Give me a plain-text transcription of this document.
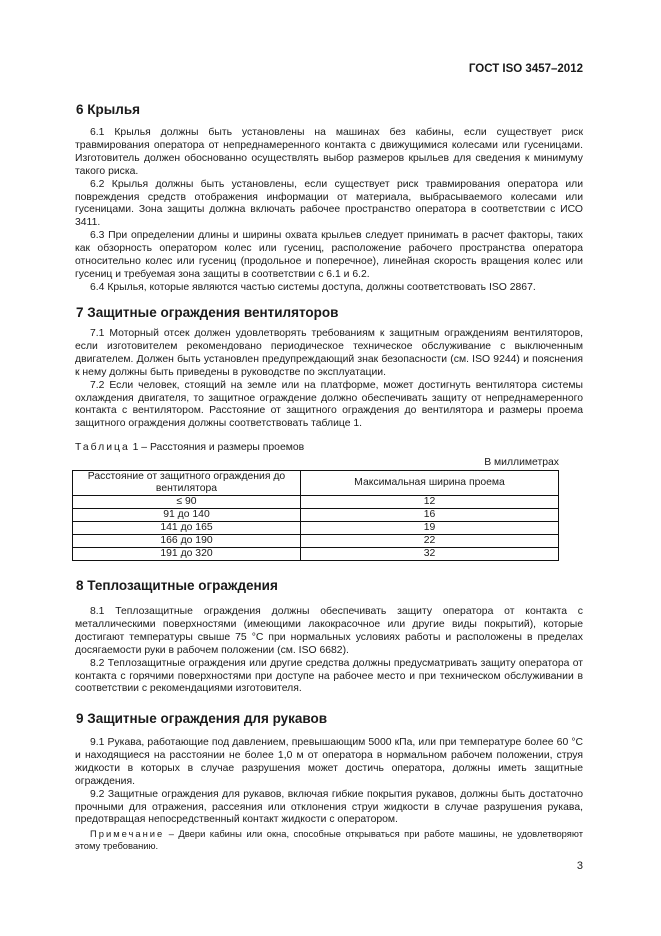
ГОСТ ISO 3457–2012
6 Крылья

6.1 Крылья должны быть установлены на машинах без кабины, если существует риск травмирования оператора от непреднамеренного контакта с движущимися колесами или гусеницами. Изготовитель должен обоснованно осуществлять выбор размеров крыльев для сведения к минимуму такого риска.

6.2 Крылья должны быть установлены, если существует риск травмирования оператора или повреждения средств отображения информации от материала, выбрасываемого колесами или гусеницами. Зона защиты должна включать рабочее пространство оператора в соответствии с ИСО 3411.

6.3 При определении длины и ширины охвата крыльев следует принимать в расчет факторы, таких как обзорность оператором колес или гусениц, расположение рабочего пространства оператора относительно колес или гусениц (продольное и поперечное), линейная скорость вращения колес или гусениц и требуемая зона защиты в соответствии с 6.1 и 6.2.

6.4 Крылья, которые являются частью системы доступа, должны соответствовать ISO 2867.

7 Защитные ограждения вентиляторов

7.1 Моторный отсек должен удовлетворять требованиям к защитным ограждениям вентиляторов, если изготовителем рекомендовано периодическое техническое обслуживание с выключенным двигателем. Должен быть установлен предупреждающий знак безопасности (см. ISO 9244) и пояснения к нему должны быть приведены в руководстве по эксплуатации.

7.2 Если человек, стоящий на земле или на платформе, может достигнуть вентилятора системы охлаждения двигателя, то защитное ограждение должно обеспечивать защиту от непреднамеренного контакта с вентилятором. Расстояние от защитного ограждения до вентилятора и размеры проема защитного ограждения должны соответствовать таблице 1.

Таблица 1 – Расстояния и размеры проемов
В миллиметрах
Расстояние от защитного ограждения до вентилятора	Максимальная ширина проема
≤ 90	12
91 до 140	16
141 до 165	19
166 до 190	22
191 до 320	32
8 Теплозащитные ограждения

8.1 Теплозащитные ограждения должны обеспечивать защиту оператора от контакта с металлическими поверхностями (имеющими лакокрасочное или другие виды покрытий), которые достигают температуры свыше 75 °С при нормальных условиях работы и расположены в пределах досягаемости руки в рабочем положении (см. ISO 6682).

8.2 Теплозащитные ограждения или другие средства должны предусматривать защиту оператора от контакта с горячими поверхностями при доступе на рабочее место и при техническом обслуживании в соответствии с рекомендациями изготовителя.

9 Защитные ограждения для рукавов

9.1 Рукава, работающие под давлением, превышающим 5000 кПа, или при температуре более 60 °С и находящиеся на расстоянии не более 1,0 м от оператора в нормальном рабочем положении, струя жидкости в которых в случае разрушения может достичь оператора, должны иметь защитные ограждения.

9.2 Защитные ограждения для рукавов, включая гибкие покрытия рукавов, должны быть достаточно прочными для отражения, рассеяния или отклонения струи жидкости в случае разрушения рукава, предотвращая непосредственный контакт жидкости с оператором.

Примечание – Двери кабины или окна, способные открываться при работе машины, не удовлетворяют этому требованию.

3
